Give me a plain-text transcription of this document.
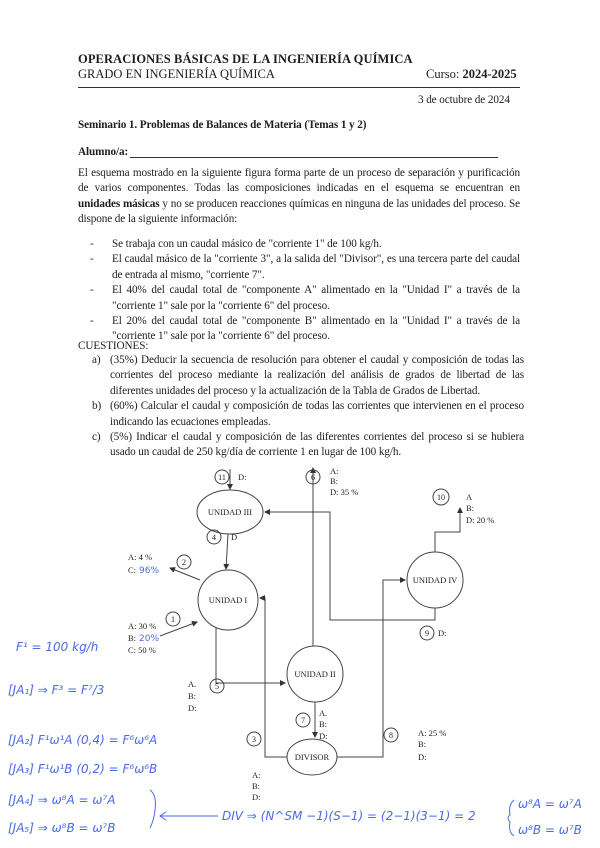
OPERACIONES BÁSICAS DE LA INGENIERÍA QUÍMICA
GRADO EN INGENIERÍA QUÍMICA	Curso: 2024-2025
3 de octubre de 2024
Seminario 1. Problemas de Balances de Materia (Temas 1 y 2)
Alumno/a:
El esquema mostrado en la siguiente figura forma parte de un proceso de separación y purificación de varios componentes. Todas las composiciones indicadas en el esquema se encuentran en unidades másicas y no se producen reacciones químicas en ninguna de las unidades del proceso. Se dispone de la siguiente información:
-	Se trabaja con un caudal másico de "corriente 1" de 100 kg/h.
-	El caudal másico de la "corriente 3", a la salida del "Divisor", es una tercera parte del caudal de entrada al mismo, "corriente 7".
-	El 40% del caudal total de "componente A" alimentado en la "Unidad I" a través de la "corriente 1" sale por la "corriente 6" del proceso.
-	El 20% del caudal total de "componente B" alimentado en la "Unidad I" a través de la "corriente 1" sale por la "corriente 6" del proceso.
CUESTIONES:
a) (35%) Deducir la secuencia de resolución para obtener el caudal y composición de todas las corrientes del proceso mediante la realización del análisis de grados de libertad de las diferentes unidades del proceso y la actualización de la Tabla de Grados de Libertad.
b) (60%) Calcular el caudal y composición de todas las corrientes que intervienen en el proceso indicando las ecuaciones empleadas.
c) (5%) Indicar el caudal y composición de las diferentes corrientes del proceso si se hubiera usado un caudal de 250 kg/día de corriente 1 en lugar de 100 kg/h.
UNIDAD III
UNIDAD I
UNIDAD II
UNIDAD IV
DIVISOR
11
4
2
1
5
6
7
3	8
9
10
D:
D
A: 4 %
C: 96%
A: 30 %
B: 20%
C: 50 %
A.
B:
D:
A:
B:
D: 35 %
A.
B:
D:
A:
B:
D:
A: 25 %
B:
D:
D:
A
B:
D: 20 %
F¹ = 100 kg/h
[JA₁] ⇒ F³ = F⁷/3
[JA₂] F¹ω¹A (0,4) = F⁶ω⁶A
[JA₃] F¹ω¹B (0,2) = F⁶ω⁶B
[JA₄] ⇒ ω⁸A = ω⁷A
[JA₅] ⇒ ω⁸B = ω⁷B
DIV ⇒ (N^SM −1)(S−1) = (2−1)(3−1) = 2
ω⁸A = ω⁷A
ω⁸B = ω⁷B
